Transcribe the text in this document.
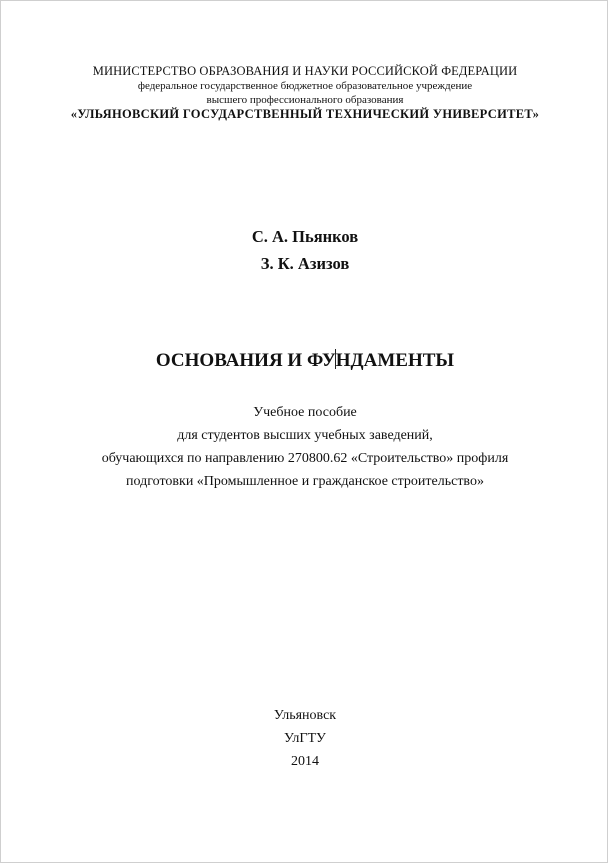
МИНИСТЕРСТВО ОБРАЗОВАНИЯ И НАУКИ РОССИЙСКОЙ ФЕДЕРАЦИИ
федеральное государственное бюджетное образовательное учреждение
высшего профессионального образования
«УЛЬЯНОВСКИЙ ГОСУДАРСТВЕННЫЙ ТЕХНИЧЕСКИЙ УНИВЕРСИТЕТ»
С. А. Пьянков
З. К. Азизов
ОСНОВАНИЯ И ФУНДАМЕНТЫ
Учебное пособие
для студентов высших учебных заведений,
обучающихся по направлению 270800.62 «Строительство» профиля
подготовки «Промышленное и гражданское строительство»
Ульяновск
УлГТУ
2014
